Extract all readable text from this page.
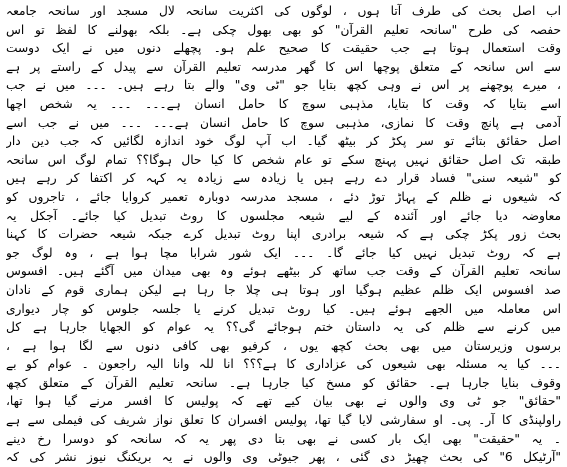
اب اصل بحث کی طرف آتا ہوں ، لوگوں کی اکثریت سانحہ لال مسجد اور سانحہ جامعہ
حفصہ کی طرح "سانحہ تعلیم القرآن" کو بھی بھول چکی ہے۔ بلکہ بھولنے کا لفظ تو اس
وقت استعمال ہوتا ہے جب حقیقت کا صحیح علم ہو۔ پچھلے دنوں میں نے ایک دوست
سے اس سانحہ کے متعلق پوچھا اس کا گھر مدرسہ تعلیم القرآن سے پیدل کے راستے پر ہے
، میرے پوچھنے پر اس نے وہی کچھ بتایا جو "ٹی وی" والے بتا رہے ہیں۔ ۔۔۔ میں نے جب
اسے بتایا کہ وقت کا بتایا، مذہبی سوچ کا حامل انسان ہے۔۔۔ ۔۔۔ یہ شخص اچھا
آدمی ہے پانچ وقت کا نمازی، مذہبی سوچ کا حامل انسان ہے۔۔۔ ۔۔۔ میں نے جب اسے
اصل حقائق بتائے تو سر پکڑ کر بیٹھ گیا۔ اب آپ لوگ خود اندازہ لگائیں کہ جب دین دار
طبقہ تک اصل حقائق نہیں پہنچ سکے تو عام شخص کا کیا حال ہوگا؟؟ تمام لوگ اس سانحہ
کو "شیعہ سنی" فساد قرار دے رہے ہیں یا زیادہ سے زیادہ یہ کہہ کر اکتفا کر رہے ہیں
کہ شیعوں نے ظلم کے پہاڑ توڑ دئے ، مسجد مدرسہ دوبارہ تعمیر کروایا جائے ، تاجروں کو
معاوضہ دیا جائے اور آئندہ کے لیے شیعہ مجلسوں کا روٹ تبدیل کیا جائے۔ آجکل یہ
بحث زور پکڑ چکی ہے کہ شیعہ برادری اپنا روٹ تبدیل کرے جبکہ شیعہ حضرات کا کہنا
ہے کہ روٹ تبدیل نہیں کیا جائے گا۔ ۔۔۔ ایک شور شرابا مچا ہوا ہے ، وہ لوگ جو
سانحہ تعلیم القرآن کے وقت جب ساتھ کر بیٹھے ہوئے وہ بھی میدان میں آگئے ہیں۔ افسوس
صد افسوس ایک ظلم عظیم ہوگیا اور ہوتا ہی چلا جا رہا ہے لیکن ہماری قوم کے نادان
اس معاملہ میں الجھے ہوئے ہیں۔ کیا روٹ تبدیل کرنے یا جلسہ جلوس کو چار دیواری
میں کرنے سے ظلم کی یہ داستان ختم ہوجائے گی؟؟ یہ عوام کو الجھایا جارہا ہے کل
برسوں وزیرستان میں بھی بحث کچھ یوں ، کرفیو بھی کافی دنوں سے لگا ہوا ہے ،
۔۔۔ کیا یہ مسئلہ بھی شیعوں کی عزاداری کا ہے؟؟؟ انا للہ وانا الیہ راجعون ۔ عوام کو بے
وقوف بنایا جارہا ہے۔ حقائق کو مسخ کیا جارہا ہے۔ سانحہ تعلیم القرآن کے متعلق کچھ
"حقائق" جو ٹی وی والوں نے بھی بیان کیے تھے کہ پولیس کا افسر مرنے گیا ہوا تھا،
راولپنڈی کا آر۔ پی۔ او سفارشی لایا گیا تھا، پولیس افسران کا تعلق نواز شریف کی فیملی سے ہے
۔ یہ "حقیقت" بھی ایک بار کسی نے بھی بتا دی پھر یہ کہ سانحہ کو دوسرا رخ دینے
"آرٹیکل 6" کی بحث چھیڑ دی گئی ، پھر جیوٹی وی والوں نے یہ بریکنگ نیوز نشر کی کہ
